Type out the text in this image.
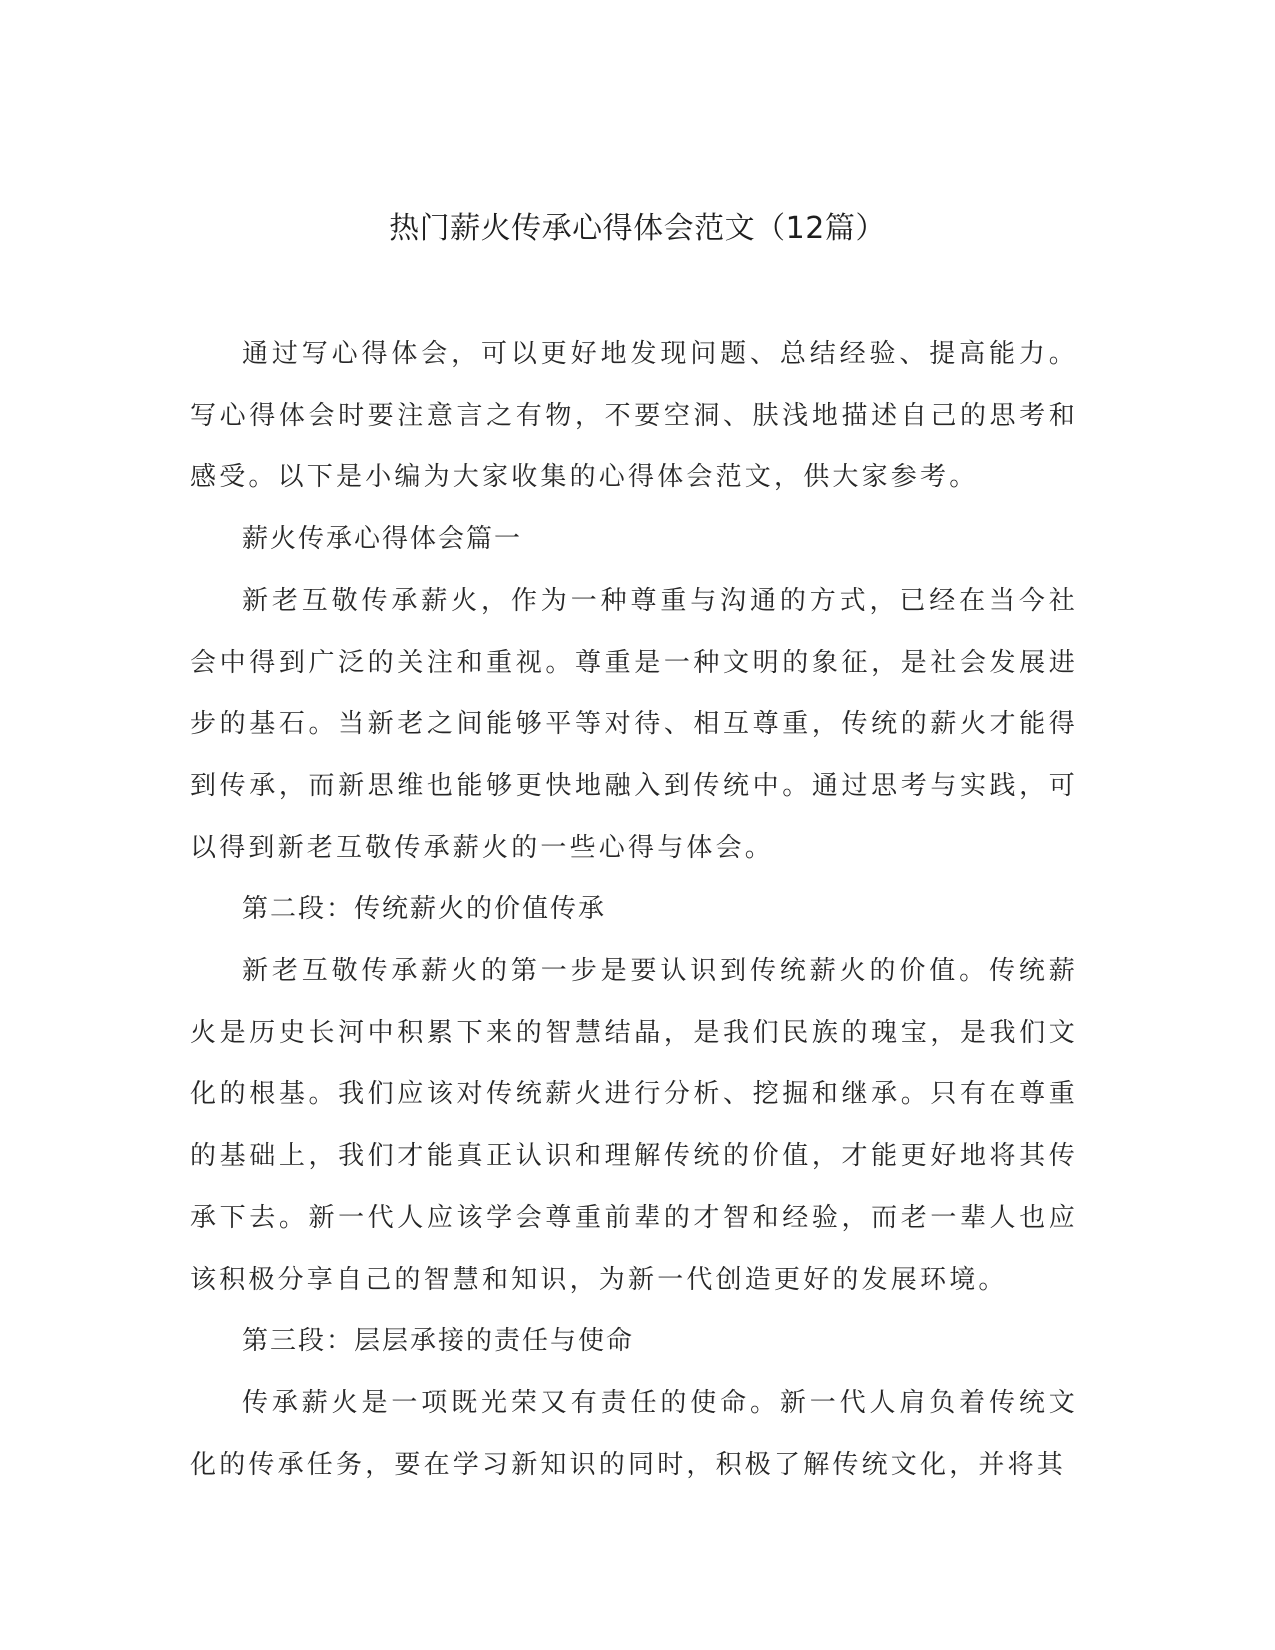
热门薪火传承心得体会范文（12篇）

通过写心得体会，可以更好地发现问题、总结经验、提高能力。写心得体会时要注意言之有物，不要空洞、肤浅地描述自己的思考和感受。以下是小编为大家收集的心得体会范文，供大家参考。

薪火传承心得体会篇一

新老互敬传承薪火，作为一种尊重与沟通的方式，已经在当今社会中得到广泛的关注和重视。尊重是一种文明的象征，是社会发展进步的基石。当新老之间能够平等对待、相互尊重，传统的薪火才能得到传承，而新思维也能够更快地融入到传统中。通过思考与实践，可以得到新老互敬传承薪火的一些心得与体会。

第二段：传统薪火的价值传承

新老互敬传承薪火的第一步是要认识到传统薪火的价值。传统薪火是历史长河中积累下来的智慧结晶，是我们民族的瑰宝，是我们文化的根基。我们应该对传统薪火进行分析、挖掘和继承。只有在尊重的基础上，我们才能真正认识和理解传统的价值，才能更好地将其传承下去。新一代人应该学会尊重前辈的才智和经验，而老一辈人也应该积极分享自己的智慧和知识，为新一代创造更好的发展环境。

第三段：层层承接的责任与使命

传承薪火是一项既光荣又有责任的使命。新一代人肩负着传统文化的传承任务，要在学习新知识的同时，积极了解传统文化，并将其
